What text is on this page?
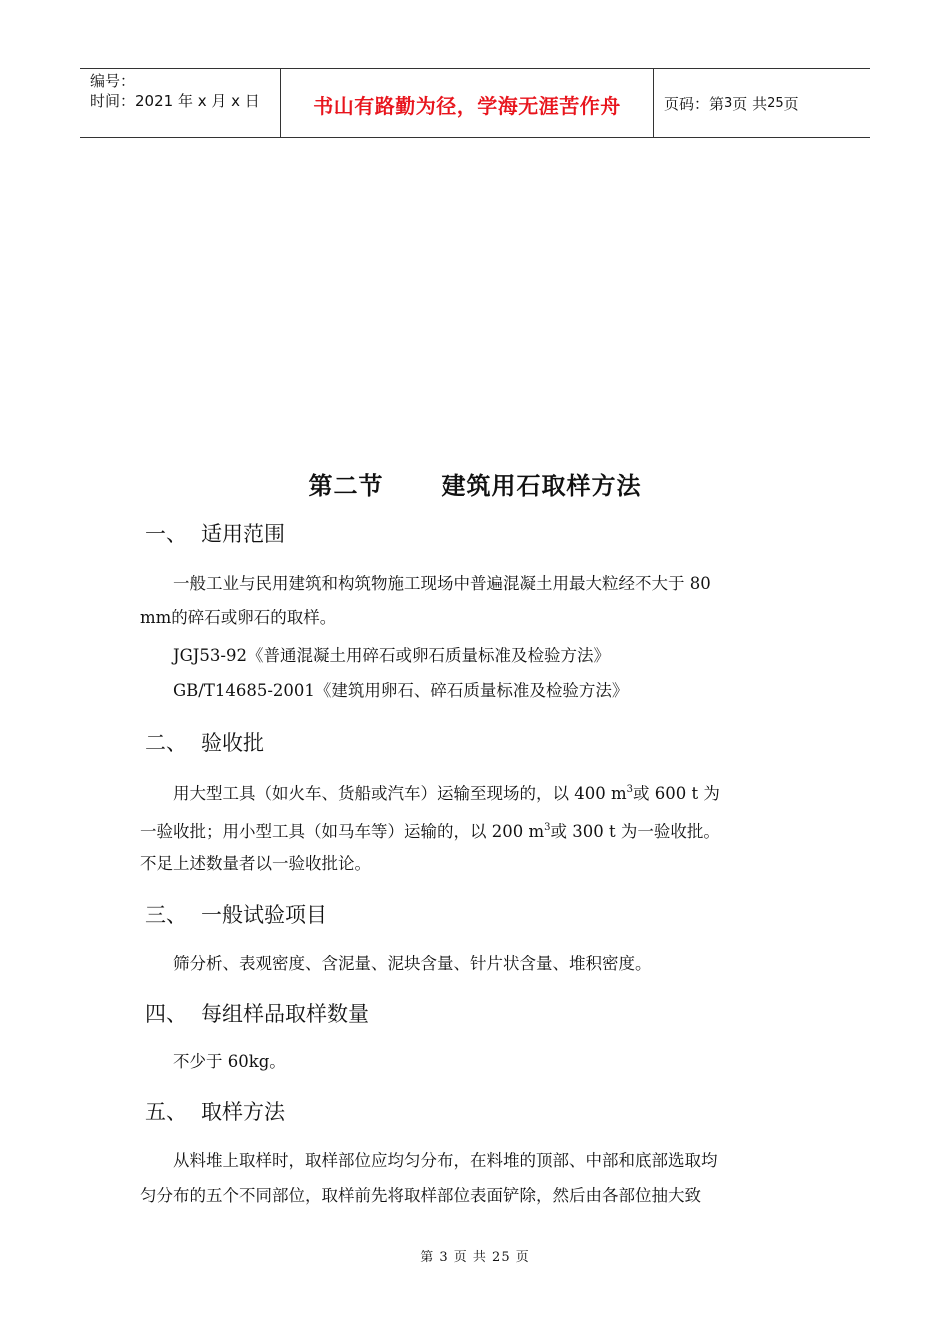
编号：
时间：2021 年 x 月 x 日	书山有路勤为径，学海无涯苦作舟	页码：第 3 页 共 25 页
第二节 建筑用石取样方法
一、 适用范围

一般工业与民用建筑和构筑物施工现场中普遍混凝土用最大粒经不大于 80

mm的碎石或卵石的取样。

JGJ53-92《普通混凝土用碎石或卵石质量标准及检验方法》

GB/T14685-2001《建筑用卵石、碎石质量标准及检验方法》

二、 验收批

用大型工具（如火车、货船或汽车）运输至现场的，以 400 $m^3$或 600 t 为

一验收批；用小型工具（如马车等）运输的，以 200 $m^3$或 300 t 为一验收批。

不足上述数量者以一验收批论。

三、 一般试验项目

筛分析、表观密度、含泥量、泥块含量、针片状含量、堆积密度。

四、 每组样品取样数量

不少于 60kg。

五、 取样方法

从料堆上取样时，取样部位应均匀分布，在料堆的顶部、中部和底部选取均

匀分布的五个不同部位，取样前先将取样部位表面铲除，然后由各部位抽大致

第 3 页 共 25 页
